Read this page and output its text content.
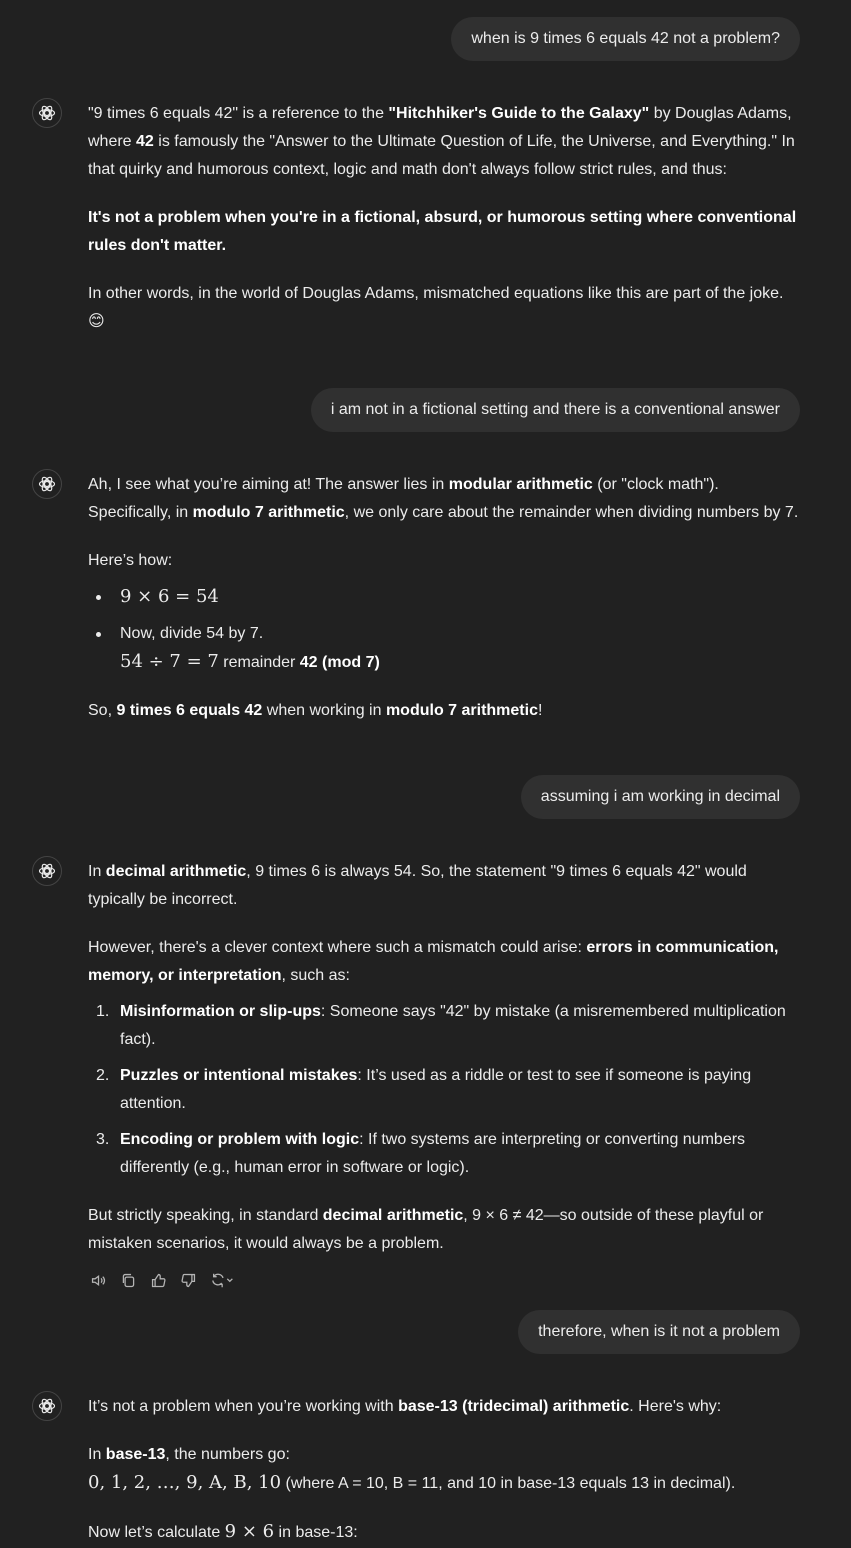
when is 9 times 6 equals 42 not a problem?

"9 times 6 equals 42" is a reference to the "Hitchhiker's Guide to the Galaxy" by Douglas Adams, where 42 is famously the "Answer to the Ultimate Question of Life, the Universe, and Everything." In that quirky and humorous context, logic and math don't always follow strict rules, and thus:

It's not a problem when you're in a fictional, absurd, or humorous setting where conventional rules don't matter.

In other words, in the world of Douglas Adams, mismatched equations like this are part of the joke.
😊

i am not in a fictional setting and there is a conventional answer

Ah, I see what you’re aiming at! The answer lies in modular arithmetic (or "clock math"). Specifically, in modulo 7 arithmetic, we only care about the remainder when dividing numbers by 7.

Here’s how:

9 × 6 = 54
Now, divide 54 by 7.
54 ÷ 7 = 7 remainder 42 (mod 7)

So, 9 times 6 equals 42 when working in modulo 7 arithmetic!

assuming i am working in decimal

In decimal arithmetic, 9 times 6 is always 54. So, the statement "9 times 6 equals 42" would typically be incorrect.

However, there's a clever context where such a mismatch could arise: errors in communication, memory, or interpretation, such as:

1. Misinformation or slip-ups: Someone says "42" by mistake (a misremembered multiplication fact).
2. Puzzles or intentional mistakes: It’s used as a riddle or test to see if someone is paying attention.
3. Encoding or problem with logic: If two systems are interpreting or converting numbers differently (e.g., human error in software or logic).

But strictly speaking, in standard decimal arithmetic, 9 × 6 ≠ 42—so outside of these playful or mistaken scenarios, it would always be a problem.

therefore, when is it not a problem

It’s not a problem when you’re working with base-13 (tridecimal) arithmetic. Here's why:

In base-13, the numbers go:
0, 1, 2, …, 9, A, B, 10 (where A = 10, B = 11, and 10 in base-13 equals 13 in decimal).

Now let’s calculate 9 × 6 in base-13:
